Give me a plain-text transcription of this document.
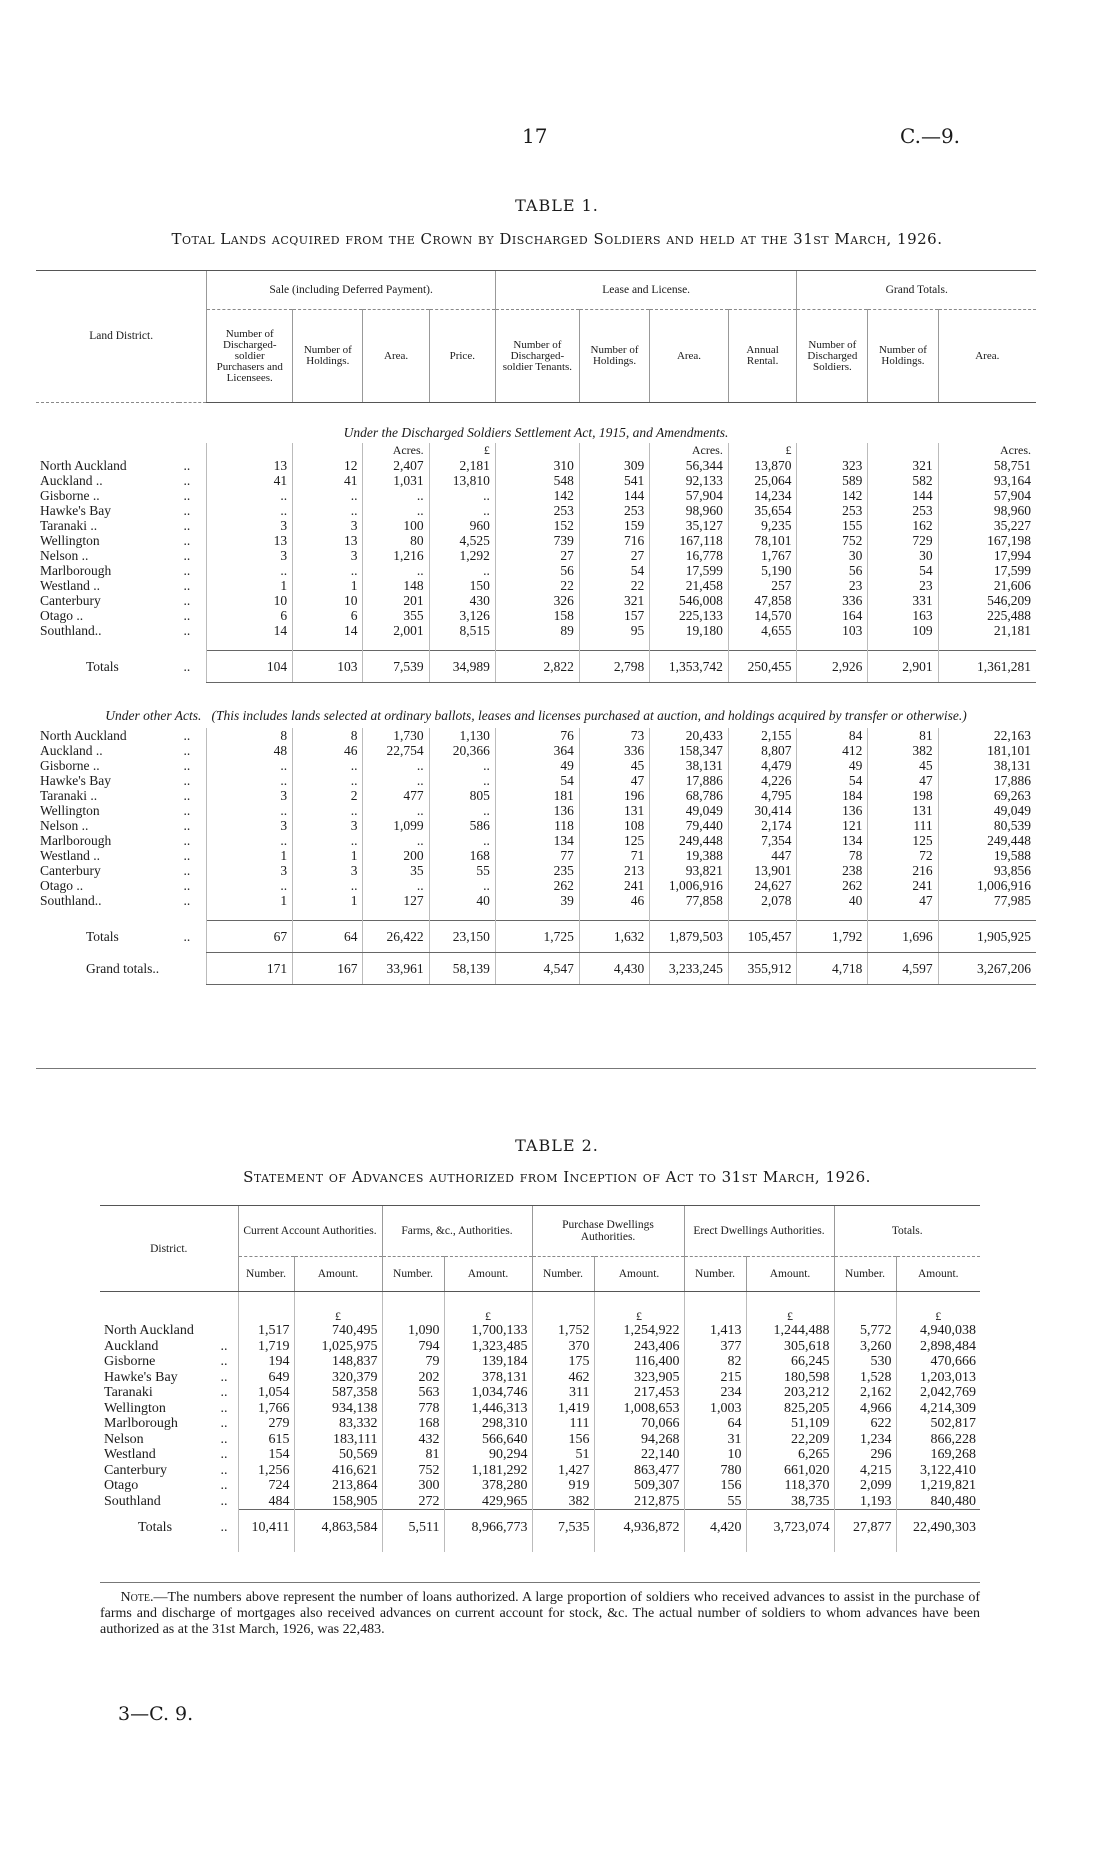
17	C.—9.
TABLE 1.
Total Lands acquired from the Crown by Discharged Soldiers and held at the 31st March, 1926.
Land District.		Sale (including Deferred Payment).				Lease and License.				Grand Totals.		
		Number of Discharged-soldier Purchasers and Licensees.	Number of Holdings.	Area.	Price.	Number of Discharged-soldier Tenants.	Number of Holdings.	Area.	Annual Rental.	Number of Discharged Soldiers.	Number of Holdings.	Area.
Under the Discharged Soldiers Settlement Act, 1915, and Amendments.												
				Acres.	£			Acres.	£			Acres.
North Auckland	..	13	12	2,407	2,181	310	309	56,344	13,870	323	321	58,751
Auckland ..	..	41	41	1,031	13,810	548	541	92,133	25,064	589	582	93,164
Gisborne ..	..	..	..	..	..	142	144	57,904	14,234	142	144	57,904
Hawke's Bay	..	..	..	..	..	253	253	98,960	35,654	253	253	98,960
Taranaki ..	..	3	3	100	960	152	159	35,127	9,235	155	162	35,227
Wellington	..	13	13	80	4,525	739	716	167,118	78,101	752	729	167,198
Nelson ..	..	3	3	1,216	1,292	27	27	16,778	1,767	30	30	17,994
Marlborough	..	..	..	..	..	56	54	17,599	5,190	56	54	17,599
Westland ..	..	1	1	148	150	22	22	21,458	257	23	23	21,606
Canterbury	..	10	10	201	430	326	321	546,008	47,858	336	331	546,209
Otago ..	..	6	6	355	3,126	158	157	225,133	14,570	164	163	225,488
Southland..	..	14	14	2,001	8,515	89	95	19,180	4,655	103	109	21,181

Totals	..	104	103	7,539	34,989	2,822	2,798	1,353,742	250,455	2,926	2,901	1,361,281
Under other Acts. (This includes lands selected at ordinary ballots, leases and licenses purchased at auction, and holdings acquired by transfer or otherwise.)												
North Auckland	..	8	8	1,730	1,130	76	73	20,433	2,155	84	81	22,163
Auckland ..	..	48	46	22,754	20,366	364	336	158,347	8,807	412	382	181,101
Gisborne ..	..	..	..	..	..	49	45	38,131	4,479	49	45	38,131
Hawke's Bay	..	..	..	..	..	54	47	17,886	4,226	54	47	17,886
Taranaki ..	..	3	2	477	805	181	196	68,786	4,795	184	198	69,263
Wellington	..	..	..	..	..	136	131	49,049	30,414	136	131	49,049
Nelson ..	..	3	3	1,099	586	118	108	79,440	2,174	121	111	80,539
Marlborough	..	..	..	..	..	134	125	249,448	7,354	134	125	249,448
Westland ..	..	1	1	200	168	77	71	19,388	447	78	72	19,588
Canterbury	..	3	3	35	55	235	213	93,821	13,901	238	216	93,856
Otago ..	..	..	..	..	..	262	241	1,006,916	24,627	262	241	1,006,916
Southland..	..	1	1	127	40	39	46	77,858	2,078	40	47	77,985

Totals	..	67	64	26,422	23,150	1,725	1,632	1,879,503	105,457	1,792	1,696	1,905,925
Grand totals..		171	167	33,961	58,139	4,547	4,430	3,233,245	355,912	4,718	4,597	3,267,206
TABLE 2.
Statement of Advances authorized from Inception of Act to 31st March, 1926.
District.	Current Account Authorities.		Farms, &c., Authorities.		Purchase Dwellings Authorities.		Erect Dwellings Authorities.		Totals.	
	Number.	Amount.	Number.	Amount.	Number.	Amount.	Number.	Amount.	Number.	Amount.
		£		£		£		£		£
North Auckland	1,517	740,495	1,090	1,700,133	1,752	1,254,922	1,413	1,244,488	5,772	4,940,038
Auckland ..	1,719	1,025,975	794	1,323,485	370	243,406	377	305,618	3,260	2,898,484
Gisborne ..	194	148,837	79	139,184	175	116,400	82	66,245	530	470,666
Hawke's Bay ..	649	320,379	202	378,131	462	323,905	215	180,598	1,528	1,203,013
Taranaki ..	1,054	587,358	563	1,034,746	311	217,453	234	203,212	2,162	2,042,769
Wellington ..	1,766	934,138	778	1,446,313	1,419	1,008,653	1,003	825,205	4,966	4,214,309
Marlborough ..	279	83,332	168	298,310	111	70,066	64	51,109	622	502,817
Nelson ..	615	183,111	432	566,640	156	94,268	31	22,209	1,234	866,228
Westland ..	154	50,569	81	90,294	51	22,140	10	6,265	296	169,268
Canterbury ..	1,256	416,621	752	1,181,292	1,427	863,477	780	661,020	4,215	3,122,410
Otago ..	724	213,864	300	378,280	919	509,307	156	118,370	2,099	1,219,821
Southland ..	484	158,905	272	429,965	382	212,875	55	38,735	1,193	840,480
Totals ..	10,411	4,863,584	5,511	8,966,773	7,535	4,936,872	4,420	3,723,074	27,877	22,490,303
Note.—The numbers above represent the number of loans authorized. A large proportion of soldiers who received advances to assist in the purchase of farms and discharge of mortgages also received advances on current account for stock, &c. The actual number of soldiers to whom advances have been authorized as at the 31st March, 1926, was 22,483.
3—C. 9.
